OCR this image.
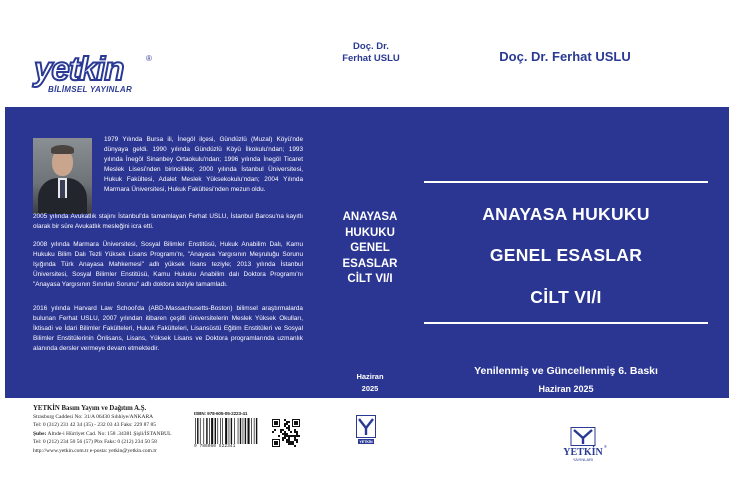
yetkin	®
BİLİMSEL YAYINLAR
Doç. Dr.
Ferhat USLU	Doç. Dr. Ferhat USLU

1979 Yılında Bursa ili, İnegöl ilçesi, Gündüzlü (Muzal) Köyü'nde dünyaya geldi. 1990 yılında Gündüzlü Köyü İlkokulu'ndan; 1993 yılında İnegöl Sinanbey Ortaokulu'ndan; 1996 yılında İnegöl Ticaret Meslek Lisesi'nden birincilikle; 2000 yılında İstanbul Üniversitesi, Hukuk Fakültesi, Adalet Meslek Yüksekokulu'ndan; 2004 Yılında Marmara Üniversitesi, Hukuk Fakültesi'nden mezun oldu.

2005 yılında Avukatlık stajını İstanbul'da tamamlayan Ferhat USLU, İstanbul Barosu'na kayıtlı olarak bir süre Avukatlık mesleğini icra etti.

2008 yılında Marmara Üniversitesi, Sosyal Bilimler Enstitüsü, Hukuk Anabilim Dalı, Kamu Hukuku Bilim Dalı Tezli Yüksek Lisans Programı'nı, "Anayasa Yargısının Meşruluğu Sorunu Işığında Türk Anayasa Mahkemesi" adlı yüksek lisans teziyle; 2013 yılında İstanbul Üniversitesi, Sosyal Bilimler Enstitüsü, Kamu Hukuku Anabilim dalı Doktora Programı'nı "Anayasa Yargısının Sınırları Sorunu" adlı doktora teziyle tamamladı.

2016 yılında Harvard Law School'da (ABD-Massachusetts-Boston) bilimsel araştırmalarda bulunan Ferhat USLU, 2007 yılından itibaren çeşitli üniversitelerin Meslek Yüksek Okulları, İktisadi ve İdari Bilimler Fakülteleri, Hukuk Fakülteleri, Lisansüstü Eğitim Enstitüleri ve Sosyal Bilimler Enstitülerinin Önlisans, Lisans, Yüksek Lisans ve Doktora programlarında uzmanlık alanında dersler vermeye devam etmektedir.

ANAYASA
HUKUKU
GENEL
ESASLAR
CİLT VI/I
Haziran
2025
ANAYASA HUKUKU
GENEL ESASLAR
CİLT VI/I
Yenilenmiş ve Güncellenmiş 6. Baskı
Haziran 2025
YETKİN Basım Yayım ve Dağıtım A.Ş.
Strasburg Caddesi No: 31/A 06430 Sıhhiye/ANKARA
Tel: 0 (312) 231 42 34 (35) - 232 03 43 Faks: 229 87 85
Şube: Altıde-i Hürriyet Cad. No: 158 .34381 Şişli/İSTANBUL
Tel: 0 (212) 234 50 56 (57) Pbx Faks: 0 (212) 234 50 58
http://www.yetkin.com.tr e-posta: yetkin@yetkin.com.tr
ISBN: 978-605-05-2223-41
9 786050 522341
YETKİN
YETKİN
®
YAYINLARI
